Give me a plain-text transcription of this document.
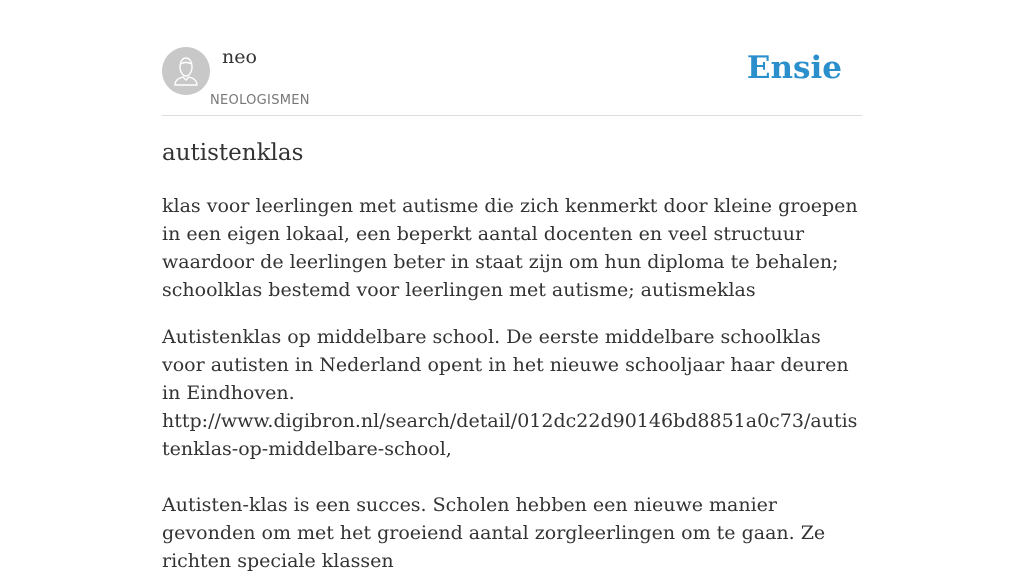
neo
NEOLOGISMEN
Ensie
autistenklas

klas voor leerlingen met autisme die zich kenmerkt door kleine groepen in een eigen lokaal, een beperkt aantal docenten en veel structuur waardoor de leerlingen beter in staat zijn om hun diploma te behalen; schoolklas bestemd voor leerlingen met autisme; autismeklas

Autistenklas op middelbare school. De eerste middelbare schoolklas voor autisten in Nederland opent in het nieuwe schooljaar haar deuren in Eindhoven. http://www.digibron.nl/search/detail/012dc22d90146bd8851a0c73/autistenklas-op-middelbare-school,

Autisten-klas is een succes. Scholen hebben een nieuwe manier gevonden om met het groeiend aantal zorgleerlingen om te gaan. Ze richten speciale klassen
